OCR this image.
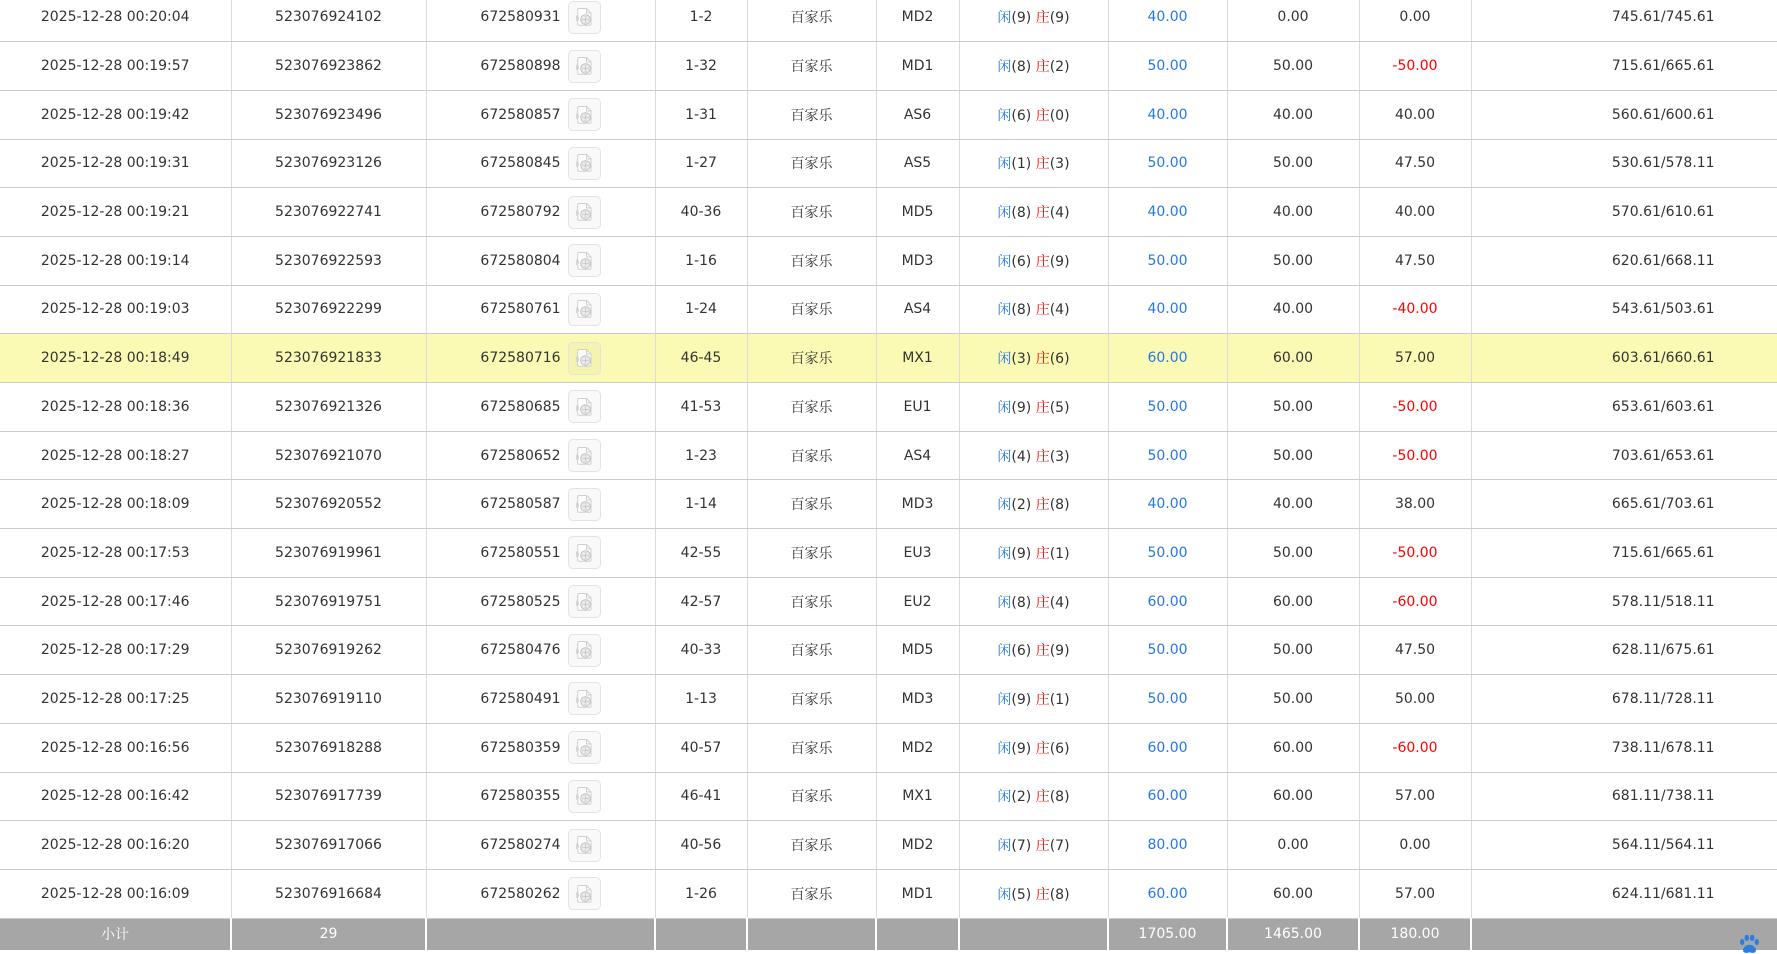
2025-12-28 00:20:04	523076924102	672580931	1-2	百家乐	MD2	闲(9) 庄(9)	40.00	0.00	0.00	745.61/745.61
2025-12-28 00:19:57	523076923862	672580898	1-32	百家乐	MD1	闲(8) 庄(2)	50.00	50.00	-50.00	715.61/665.61
2025-12-28 00:19:42	523076923496	672580857	1-31	百家乐	AS6	闲(6) 庄(0)	40.00	40.00	40.00	560.61/600.61
2025-12-28 00:19:31	523076923126	672580845	1-27	百家乐	AS5	闲(1) 庄(3)	50.00	50.00	47.50	530.61/578.11
2025-12-28 00:19:21	523076922741	672580792	40-36	百家乐	MD5	闲(8) 庄(4)	40.00	40.00	40.00	570.61/610.61
2025-12-28 00:19:14	523076922593	672580804	1-16	百家乐	MD3	闲(6) 庄(9)	50.00	50.00	47.50	620.61/668.11
2025-12-28 00:19:03	523076922299	672580761	1-24	百家乐	AS4	闲(8) 庄(4)	40.00	40.00	-40.00	543.61/503.61
2025-12-28 00:18:49	523076921833	672580716	46-45	百家乐	MX1	闲(3) 庄(6)	60.00	60.00	57.00	603.61/660.61
2025-12-28 00:18:36	523076921326	672580685	41-53	百家乐	EU1	闲(9) 庄(5)	50.00	50.00	-50.00	653.61/603.61
2025-12-28 00:18:27	523076921070	672580652	1-23	百家乐	AS4	闲(4) 庄(3)	50.00	50.00	-50.00	703.61/653.61
2025-12-28 00:18:09	523076920552	672580587	1-14	百家乐	MD3	闲(2) 庄(8)	40.00	40.00	38.00	665.61/703.61
2025-12-28 00:17:53	523076919961	672580551	42-55	百家乐	EU3	闲(9) 庄(1)	50.00	50.00	-50.00	715.61/665.61
2025-12-28 00:17:46	523076919751	672580525	42-57	百家乐	EU2	闲(8) 庄(4)	60.00	60.00	-60.00	578.11/518.11
2025-12-28 00:17:29	523076919262	672580476	40-33	百家乐	MD5	闲(6) 庄(9)	50.00	50.00	47.50	628.11/675.61
2025-12-28 00:17:25	523076919110	672580491	1-13	百家乐	MD3	闲(9) 庄(1)	50.00	50.00	50.00	678.11/728.11
2025-12-28 00:16:56	523076918288	672580359	40-57	百家乐	MD2	闲(9) 庄(6)	60.00	60.00	-60.00	738.11/678.11
2025-12-28 00:16:42	523076917739	672580355	46-41	百家乐	MX1	闲(2) 庄(8)	60.00	60.00	57.00	681.11/738.11
2025-12-28 00:16:20	523076917066	672580274	40-56	百家乐	MD2	闲(7) 庄(7)	80.00	0.00	0.00	564.11/564.11
2025-12-28 00:16:09	523076916684	672580262	1-26	百家乐	MD1	闲(5) 庄(8)	60.00	60.00	57.00	624.11/681.11
小计	29						1705.00	1465.00	180.00	
